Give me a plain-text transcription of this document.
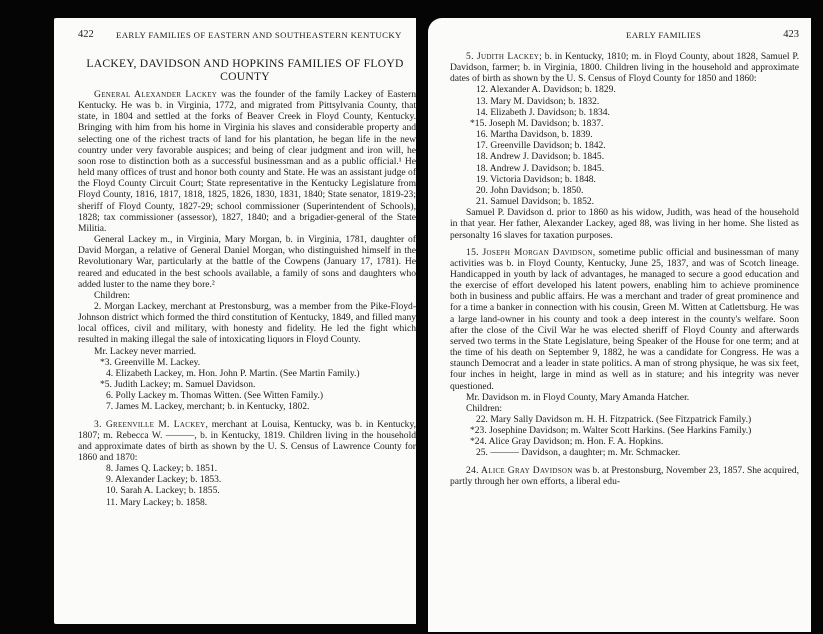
422	EARLY FAMILIES OF EASTERN AND SOUTHEASTERN KENTUCKY
LACKEY, DAVIDSON AND HOPKINS FAMILIES OF FLOYD COUNTY

General Alexander Lackey was the founder of the family Lackey of Eastern Kentucky. He was b. in Virginia, 1772, and migrated from Pittsylvania County, that state, in 1804 and settled at the forks of Beaver Creek in Floyd County, Kentucky. Bringing with him from his home in Virginia his slaves and considerable property and selecting one of the richest tracts of land for his plantation, he began life in the new country under very favorable auspices; and being of clear judgment and iron will, he soon rose to distinction both as a successful businessman and as a public official.¹ He held many offices of trust and honor both county and State. He was an assistant judge of the Floyd County Circuit Court; State representative in the Kentucky Legislature from Floyd County, 1816, 1817, 1818, 1825, 1826, 1830, 1831, 1840; State senator, 1819-23; sheriff of Floyd County, 1827-29; school commissioner (Superintendent of Schools), 1828; tax commissioner (assessor), 1827, 1840; and a brigadier-general of the State Militia.

General Lackey m., in Virginia, Mary Morgan, b. in Virginia, 1781, daughter of David Morgan, a relative of General Daniel Morgan, who distinguished himself in the Revolutionary War, particularly at the battle of the Cowpens (January 17, 1781). He reared and educated in the best schools available, a family of sons and daughters who added luster to the name they bore.²

Children:

2. Morgan Lackey, merchant at Prestonsburg, was a member from the Pike-Floyd-Johnson district which formed the third constitution of Kentucky, 1849, and filled many local offices, civil and military, with honesty and fidelity. He led the fight which resulted in making illegal the sale of intoxicating liquors in Floyd County.

Mr. Lackey never married.

*3. Greenville M. Lackey.

4. Elizabeth Lackey, m. Hon. John P. Martin. (See Martin Family.)

*5. Judith Lackey; m. Samuel Davidson.

6. Polly Lackey m. Thomas Witten. (See Witten Family.)

7. James M. Lackey, merchant; b. in Kentucky, 1802.

3. Greenville M. Lackey, merchant at Louisa, Kentucky, was b. in Kentucky, 1807; m. Rebecca W. ———, b. in Kentucky, 1819. Children living in the household and approximate dates of birth as shown by the U. S. Census of Lawrence County for 1860 and 1870:

8. James Q. Lackey; b. 1851.

9. Alexander Lackey; b. 1853.

10. Sarah A. Lackey; b. 1855.

11. Mary Lackey; b. 1858.

EARLY FAMILIES	423

5. Judith Lackey; b. in Kentucky, 1810; m. in Floyd County, about 1828, Samuel P. Davidson, farmer; b. in Virginia, 1800. Children living in the household and approximate dates of birth as shown by the U. S. Census of Floyd County for 1850 and 1860:

12. Alexander A. Davidson; b. 1829.

13. Mary M. Davidson; b. 1832.

14. Elizabeth J. Davidson; b. 1834.

*15. Joseph M. Davidson; b. 1837.

16. Martha Davidson, b. 1839.

17. Greenville Davidson; b. 1842.

18. Andrew J. Davidson; b. 1845.

18. Andrew J. Davidson; b. 1845.

19. Victoria Davidson; b. 1848.

20. John Davidson; b. 1850.

21. Samuel Davidson; b. 1852.

Samuel P. Davidson d. prior to 1860 as his widow, Judith, was head of the household in that year. Her father, Alexander Lackey, aged 88, was living in her home. She listed as personalty 16 slaves for taxation purposes.

15. Joseph Morgan Davidson, sometime public official and businessman of many activities was b. in Floyd County, Kentucky, June 25, 1837, and was of Scotch lineage. Handicapped in youth by lack of advantages, he managed to secure a good education and the exercise of effort developed his latent powers, enabling him to achieve prominence both in business and public affairs. He was a merchant and trader of great prominence and for a time a banker in connection with his cousin, Green M. Witten at Catlettsburg. He was a large land-owner in his county and took a deep interest in the county's welfare. Soon after the close of the Civil War he was elected sheriff of Floyd County and afterwards served two terms in the State Legislature, being Speaker of the House for one term; and at the time of his death on September 9, 1882, he was a candidate for Congress. He was a staunch Democrat and a leader in state politics. A man of strong physique, he was six feet, four inches in height, large in mind as well as in stature; and his integrity was never questioned.

Mr. Davidson m. in Floyd County, Mary Amanda Hatcher.

Children:

22. Mary Sally Davidson m. H. H. Fitzpatrick. (See Fitzpatrick Family.)

*23. Josephine Davidson; m. Walter Scott Harkins. (See Harkins Family.)

*24. Alice Gray Davidson; m. Hon. F. A. Hopkins.

25. ——— Davidson, a daughter; m. Mr. Schmacker.

24. Alice Gray Davidson was b. at Prestonsburg, November 23, 1857. She acquired, partly through her own efforts, a liberal edu-
